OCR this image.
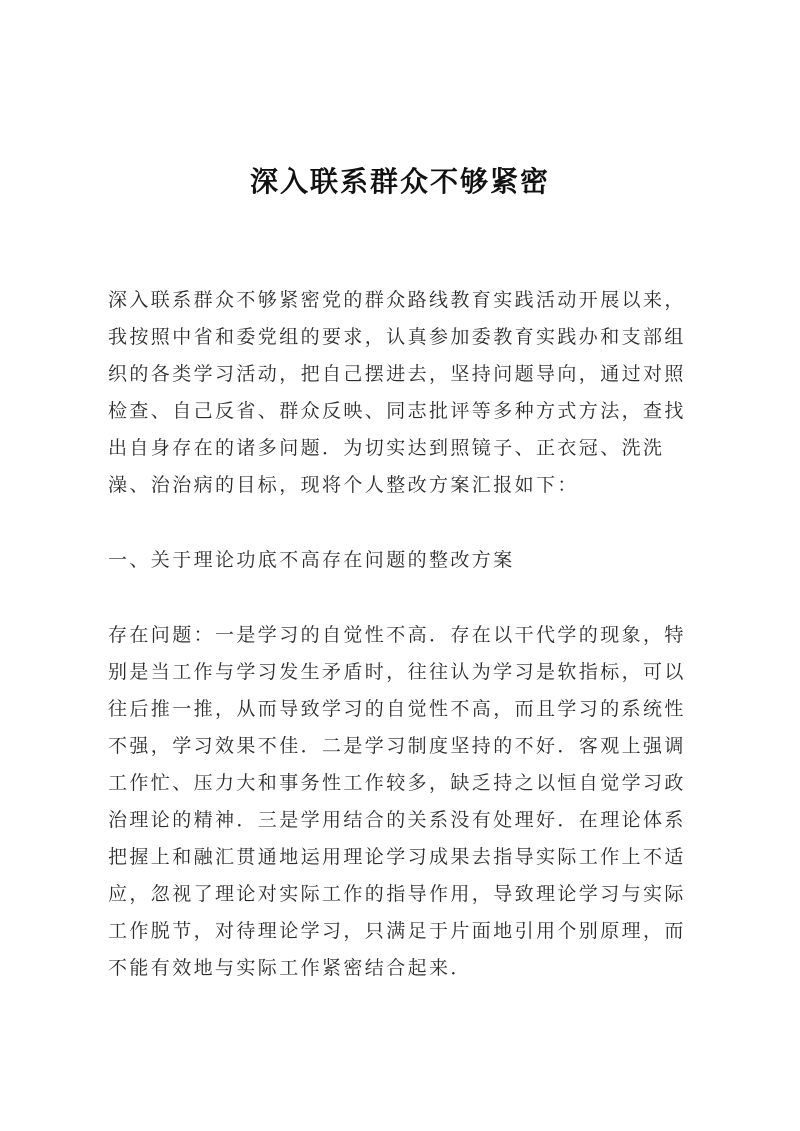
深入联系群众不够紧密
深入联系群众不够紧密党的群众路线教育实践活动开展以来，
我按照中省和委党组的要求，认真参加委教育实践办和支部组
织的各类学习活动，把自己摆进去，坚持问题导向，通过对照
检查、自己反省、群众反映、同志批评等多种方式方法，查找
出自身存在的诸多问题．为切实达到照镜子、正衣冠、洗洗
澡、治治病的目标，现将个人整改方案汇报如下：
一、关于理论功底不高存在问题的整改方案
存在问题：一是学习的自觉性不高．存在以干代学的现象，特
别是当工作与学习发生矛盾时，往往认为学习是软指标，可以
往后推一推，从而导致学习的自觉性不高，而且学习的系统性
不强，学习效果不佳．二是学习制度坚持的不好．客观上强调
工作忙、压力大和事务性工作较多，缺乏持之以恒自觉学习政
治理论的精神．三是学用结合的关系没有处理好．在理论体系
把握上和融汇贯通地运用理论学习成果去指导实际工作上不适
应，忽视了理论对实际工作的指导作用，导致理论学习与实际
工作脱节，对待理论学习，只满足于片面地引用个别原理，而
不能有效地与实际工作紧密结合起来．
